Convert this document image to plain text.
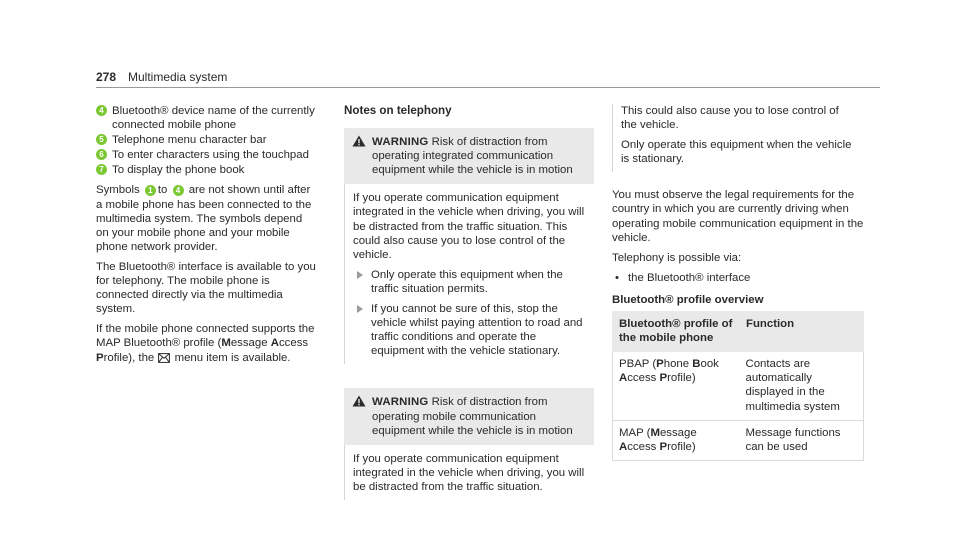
278 Multimedia system
4 Bluetooth® device name of the currently connected mobile phone
5 Telephone menu character bar
6 To enter characters using the touchpad
7 To display the phone book

Symbols 1 to 4 are not shown until after a mobile phone has been connected to the multimedia system. The symbols depend on your mobile phone and your mobile phone network provider.

The Bluetooth® interface is available to you for telephony. The mobile phone is connected directly via the multimedia system.

If the mobile phone connected supports the MAP Bluetooth® profile (Message Access
Profile), the menu item is available.

Notes on telephony
WARNING Risk of distraction from operating integrated communication equipment while the vehicle is in motion
If you operate communication equipment integrated in the vehicle when driving, you will be distracted from the traffic situation. This could also cause you to lose control of the vehicle.
Only operate this equipment when the traffic situation permits.
If you cannot be sure of this, stop the vehicle whilst paying attention to road and traffic conditions and operate the equipment with the vehicle stationary.
WARNING Risk of distraction from operating mobile communication equipment while the vehicle is in motion
If you operate communication equipment integrated in the vehicle when driving, you will be distracted from the traffic situation.

This could also cause you to lose control of the vehicle.

Only operate this equipment when the vehicle is stationary.

You must observe the legal requirements for the country in which you are currently driving when operating mobile communication equipment in the vehicle.

Telephony is possible via:

• the Bluetooth® interface

Bluetooth® profile overview

Bluetooth® profile of the mobile phone	Function
PBAP (Phone Book
Access Profile)	Contacts are automatically displayed in the multimedia system
MAP (Message
Access Profile)	Message functions can be used
